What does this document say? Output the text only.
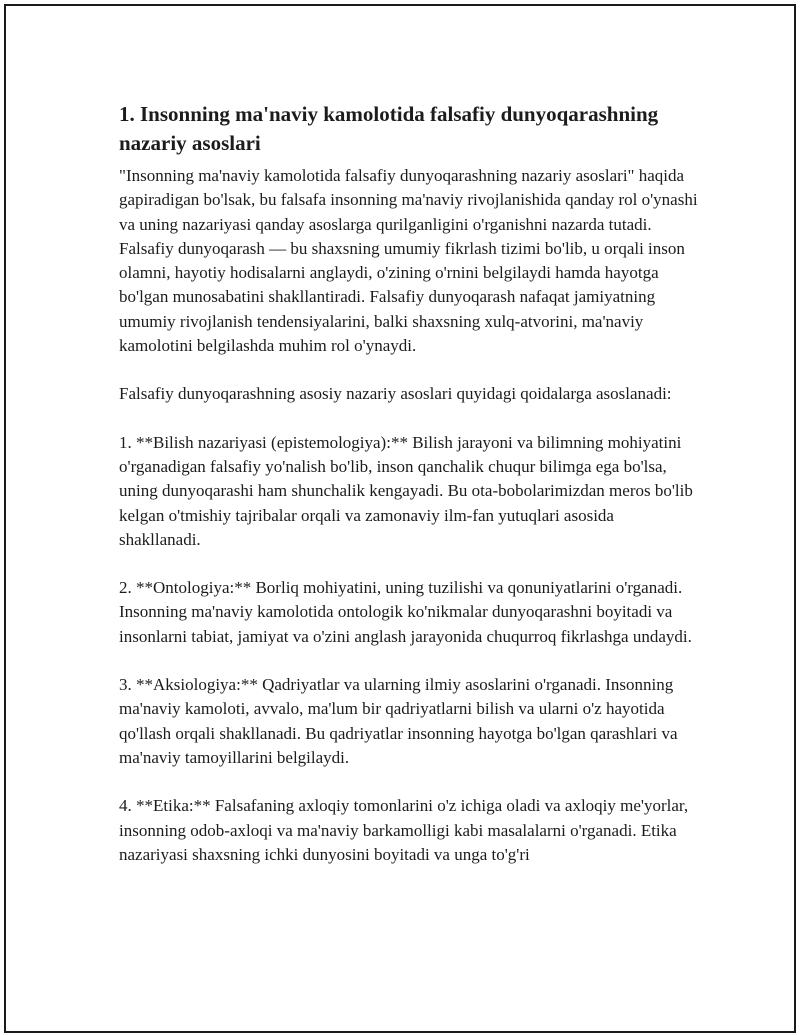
1. Insonning ma'naviy kamolotida falsafiy dunyoqarashning nazariy asoslari

"Insonning ma'naviy kamolotida falsafiy dunyoqarashning nazariy asoslari" haqida gapiradigan bo'lsak, bu falsafa insonning ma'naviy rivojlanishida qanday rol o'ynashi va uning nazariyasi qanday asoslarga qurilganligini o'rganishni nazarda tutadi. Falsafiy dunyoqarash — bu shaxsning umumiy fikrlash tizimi bo'lib, u orqali inson olamni, hayotiy hodisalarni anglaydi, o'zining o'rnini belgilaydi hamda hayotga bo'lgan munosabatini shakllantiradi. Falsafiy dunyoqarash nafaqat jamiyatning umumiy rivojlanish tendensiyalarini, balki shaxsning xulq-atvorini, ma'naviy kamolotini belgilashda muhim rol o'ynaydi.

Falsafiy dunyoqarashning asosiy nazariy asoslari quyidagi qoidalarga asoslanadi:

1. **Bilish nazariyasi (epistemologiya):** Bilish jarayoni va bilimning mohiyatini o'rganadigan falsafiy yo'nalish bo'lib, inson qanchalik chuqur bilimga ega bo'lsa, uning dunyoqarashi ham shunchalik kengayadi. Bu ota-bobolarimizdan meros bo'lib kelgan o'tmishiy tajribalar orqali va zamonaviy ilm-fan yutuqlari asosida shakllanadi.

2. **Ontologiya:** Borliq mohiyatini, uning tuzilishi va qonuniyatlarini o'rganadi. Insonning ma'naviy kamolotida ontologik ko'nikmalar dunyoqarashni boyitadi va insonlarni tabiat, jamiyat va o'zini anglash jarayonida chuqurroq fikrlashga undaydi.

3. **Aksiologiya:** Qadriyatlar va ularning ilmiy asoslarini o'rganadi. Insonning ma'naviy kamoloti, avvalo, ma'lum bir qadriyatlarni bilish va ularni o'z hayotida qo'llash orqali shakllanadi. Bu qadriyatlar insonning hayotga bo'lgan qarashlari va ma'naviy tamoyillarini belgilaydi.

4. **Etika:** Falsafaning axloqiy tomonlarini o'z ichiga oladi va axloqiy me'yorlar, insonning odob-axloqi va ma'naviy barkamolligi kabi masalalarni o'rganadi. Etika nazariyasi shaxsning ichki dunyosini boyitadi va unga to'g'ri
